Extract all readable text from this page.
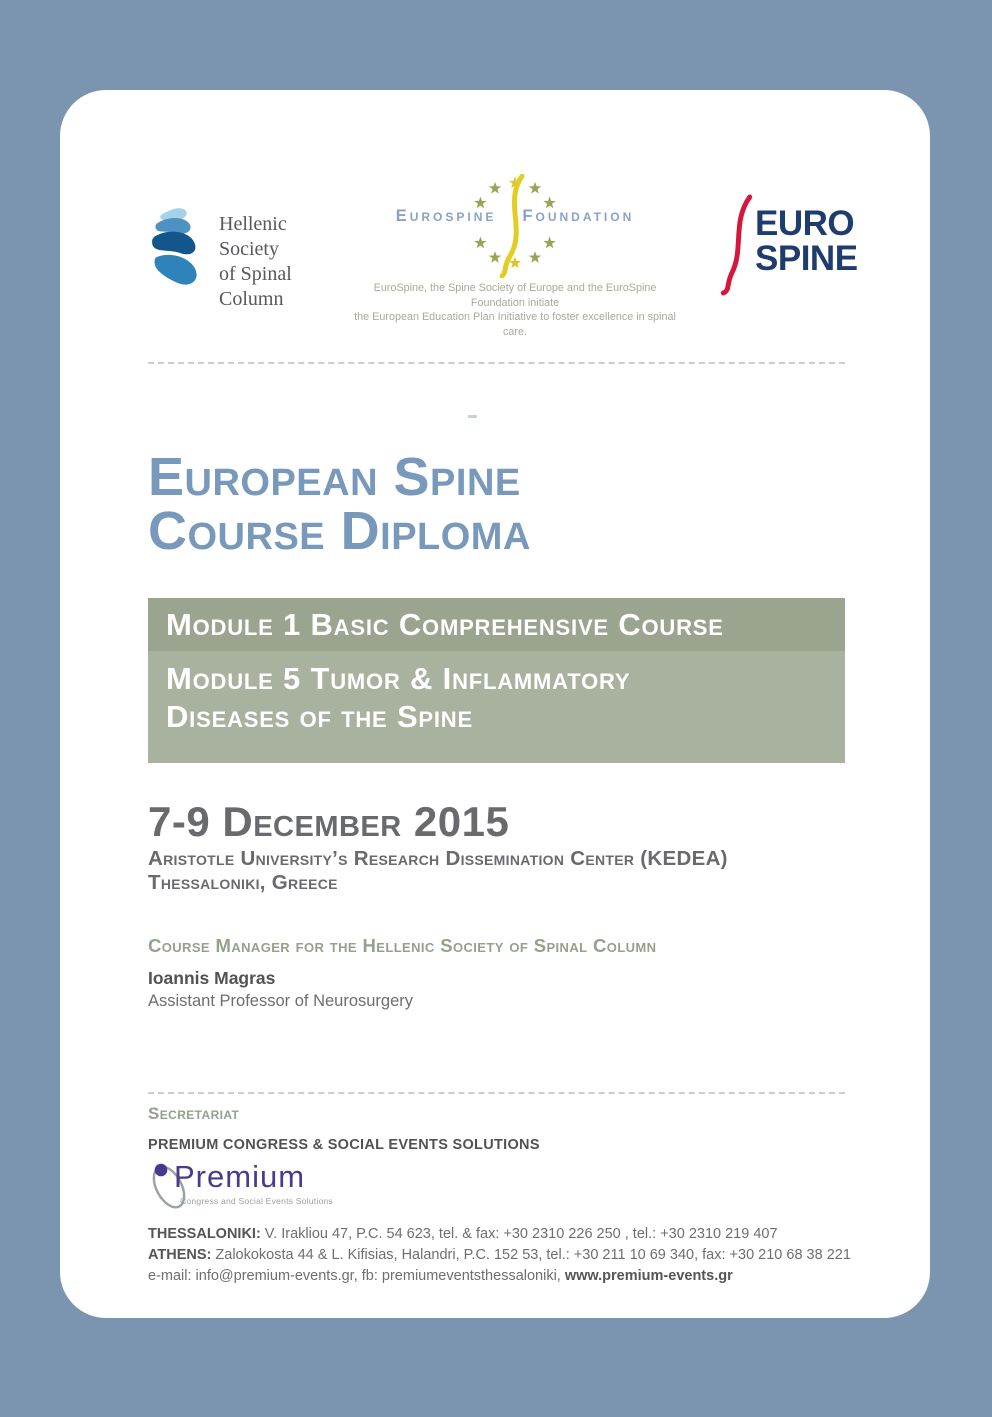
Hellenic
Society
of Spinal
Column
Eurospine Foundation
EuroSpine, the Spine Society of Europe and the EuroSpine Foundation initiate
the European Education Plan Initiative to foster excellence in spinal care.
EURO
SPINE
European Spine
Course Diploma
Module 1 Basic Comprehensive Course
Module 5 Tumor & Inflammatory
Diseases of the Spine
7-9 December 2015
Aristotle University’s Research Dissemination Center (KEDEA)
Thessaloniki, Greece
Course Manager for the Hellenic Society of Spinal Column
Ioannis Magras
Assistant Professor of Neurosurgery
Secretariat
PREMIUM CONGRESS & SOCIAL EVENTS SOLUTIONS
Premium
Congress and Social Events Solutions
THESSALONIKI: V. Irakliou 47, P.C. 54 623, tel. & fax: +30 2310 226 250 , tel.: +30 2310 219 407
ATHENS: Zalokokosta 44 & L. Kifisias, Halandri, P.C. 152 53, tel.: +30 211 10 69 340, fax: +30 210 68 38 221
e-mail: info@premium-events.gr, fb: premiumeventsthessaloniki, www.premium-events.gr
